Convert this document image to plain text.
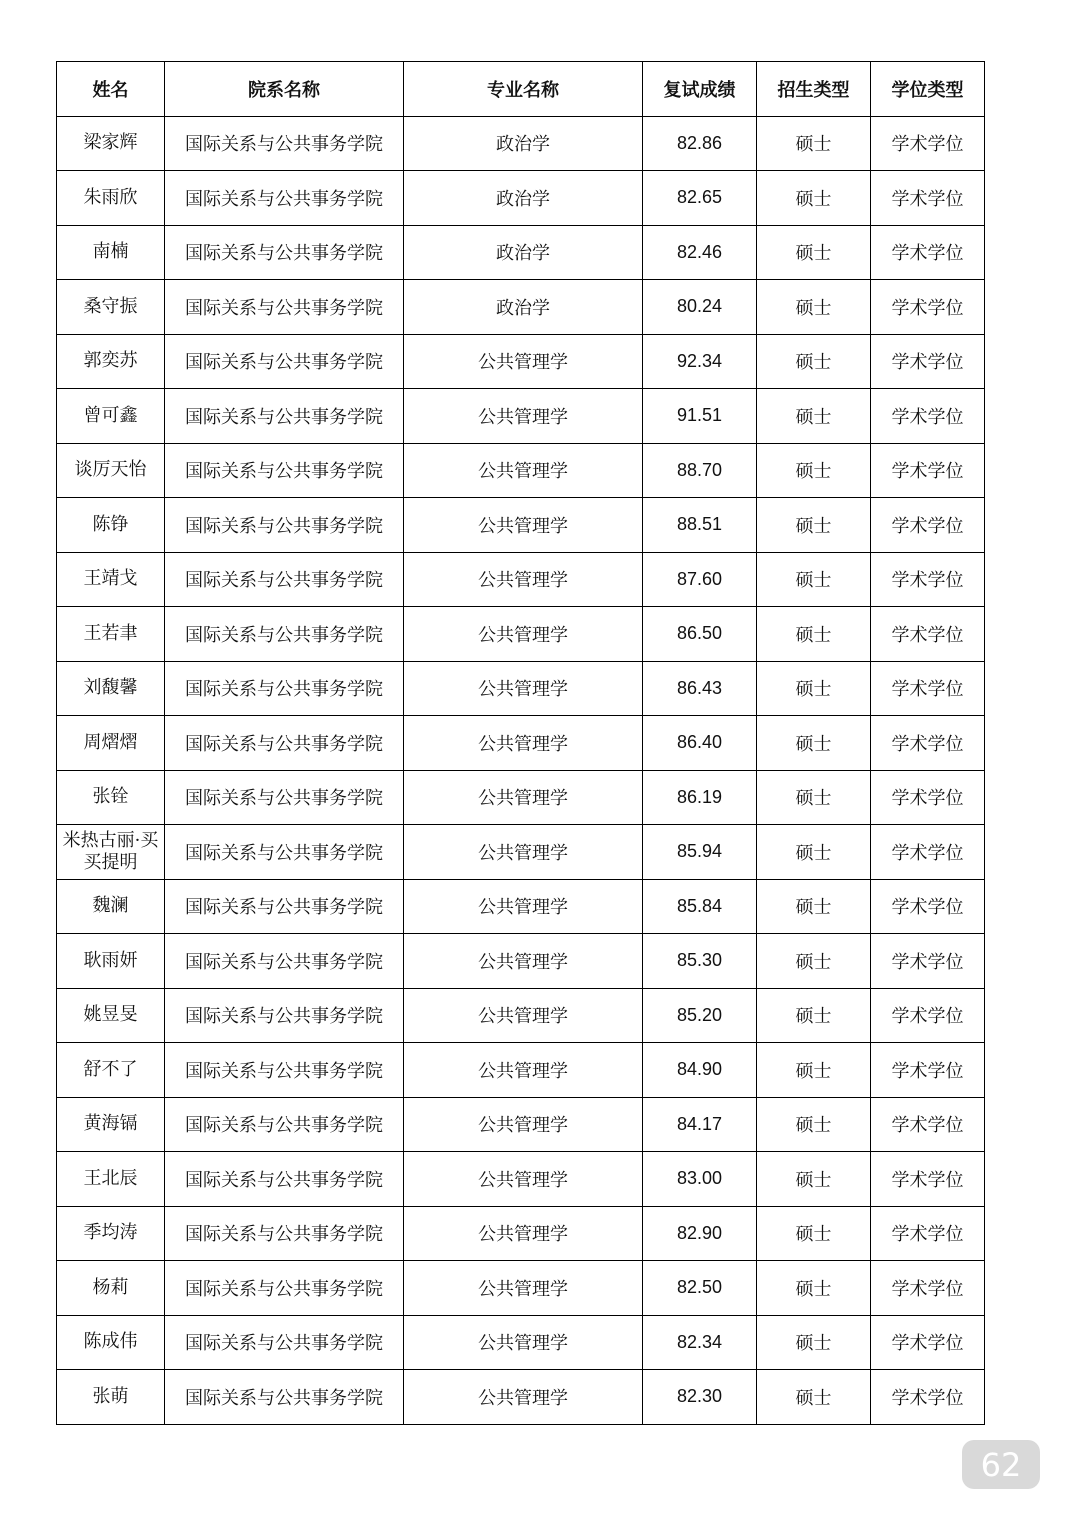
姓名	院系名称	专业名称	复试成绩	招生类型	学位类型
梁家辉	国际关系与公共事务学院	政治学	82.86	硕士	学术学位
朱雨欣	国际关系与公共事务学院	政治学	82.65	硕士	学术学位
南楠	国际关系与公共事务学院	政治学	82.46	硕士	学术学位
桑守振	国际关系与公共事务学院	政治学	80.24	硕士	学术学位
郭奕苏	国际关系与公共事务学院	公共管理学	92.34	硕士	学术学位
曾可鑫	国际关系与公共事务学院	公共管理学	91.51	硕士	学术学位
谈厉天怡	国际关系与公共事务学院	公共管理学	88.70	硕士	学术学位
陈铮	国际关系与公共事务学院	公共管理学	88.51	硕士	学术学位
王靖戈	国际关系与公共事务学院	公共管理学	87.60	硕士	学术学位
王若聿	国际关系与公共事务学院	公共管理学	86.50	硕士	学术学位
刘馥馨	国际关系与公共事务学院	公共管理学	86.43	硕士	学术学位
周熠熠	国际关系与公共事务学院	公共管理学	86.40	硕士	学术学位
张铨	国际关系与公共事务学院	公共管理学	86.19	硕士	学术学位
米热古丽·买买提明	国际关系与公共事务学院	公共管理学	85.94	硕士	学术学位
魏澜	国际关系与公共事务学院	公共管理学	85.84	硕士	学术学位
耿雨妍	国际关系与公共事务学院	公共管理学	85.30	硕士	学术学位
姚昱旻	国际关系与公共事务学院	公共管理学	85.20	硕士	学术学位
舒不了	国际关系与公共事务学院	公共管理学	84.90	硕士	学术学位
黄海镉	国际关系与公共事务学院	公共管理学	84.17	硕士	学术学位
王北辰	国际关系与公共事务学院	公共管理学	83.00	硕士	学术学位
季均涛	国际关系与公共事务学院	公共管理学	82.90	硕士	学术学位
杨莉	国际关系与公共事务学院	公共管理学	82.50	硕士	学术学位
陈成伟	国际关系与公共事务学院	公共管理学	82.34	硕士	学术学位
张萌	国际关系与公共事务学院	公共管理学	82.30	硕士	学术学位
62
